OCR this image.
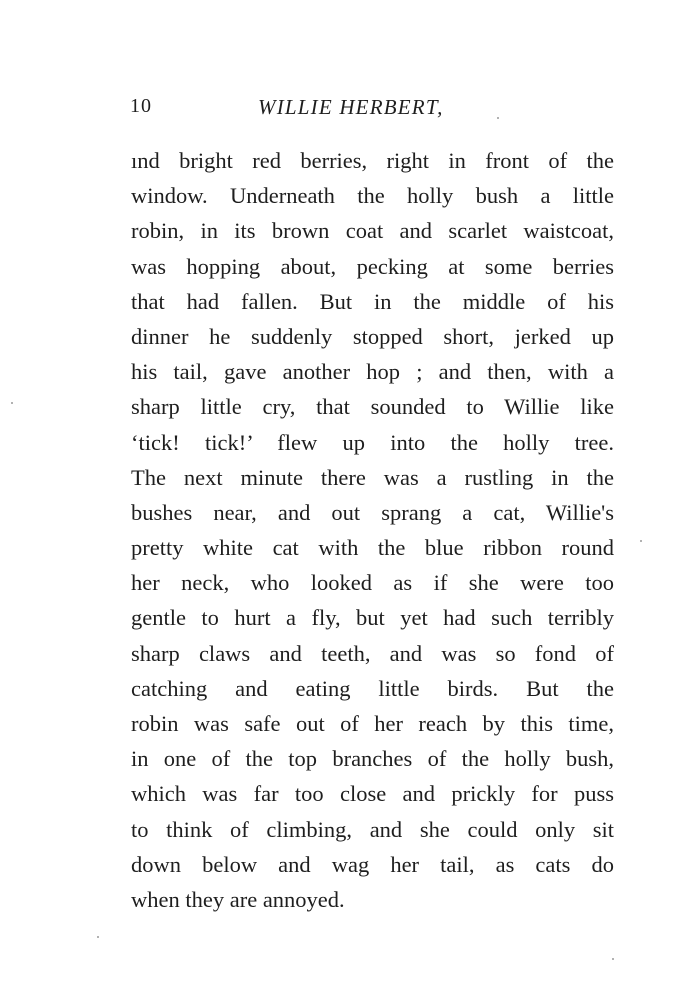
10	WILLIE HERBERT,
ınd bright red berries, right in front of the
window. Underneath the holly bush a little
robin, in its brown coat and scarlet waistcoat,
was hopping about, pecking at some berries
that had fallen. But in the middle of his
dinner he suddenly stopped short, jerked up
his tail, gave another hop ; and then, with a
sharp little cry, that sounded to Willie like
‘tick! tick!’ flew up into the holly tree.
The next minute there was a rustling in the
bushes near, and out sprang a cat, Willie's
pretty white cat with the blue ribbon round
her neck, who looked as if she were too
gentle to hurt a fly, but yet had such terribly
sharp claws and teeth, and was so fond of
catching and eating little birds. But the
robin was safe out of her reach by this time,
in one of the top branches of the holly bush,
which was far too close and prickly for puss
to think of climbing, and she could only sit
down below and wag her tail, as cats do
when they are annoyed.
